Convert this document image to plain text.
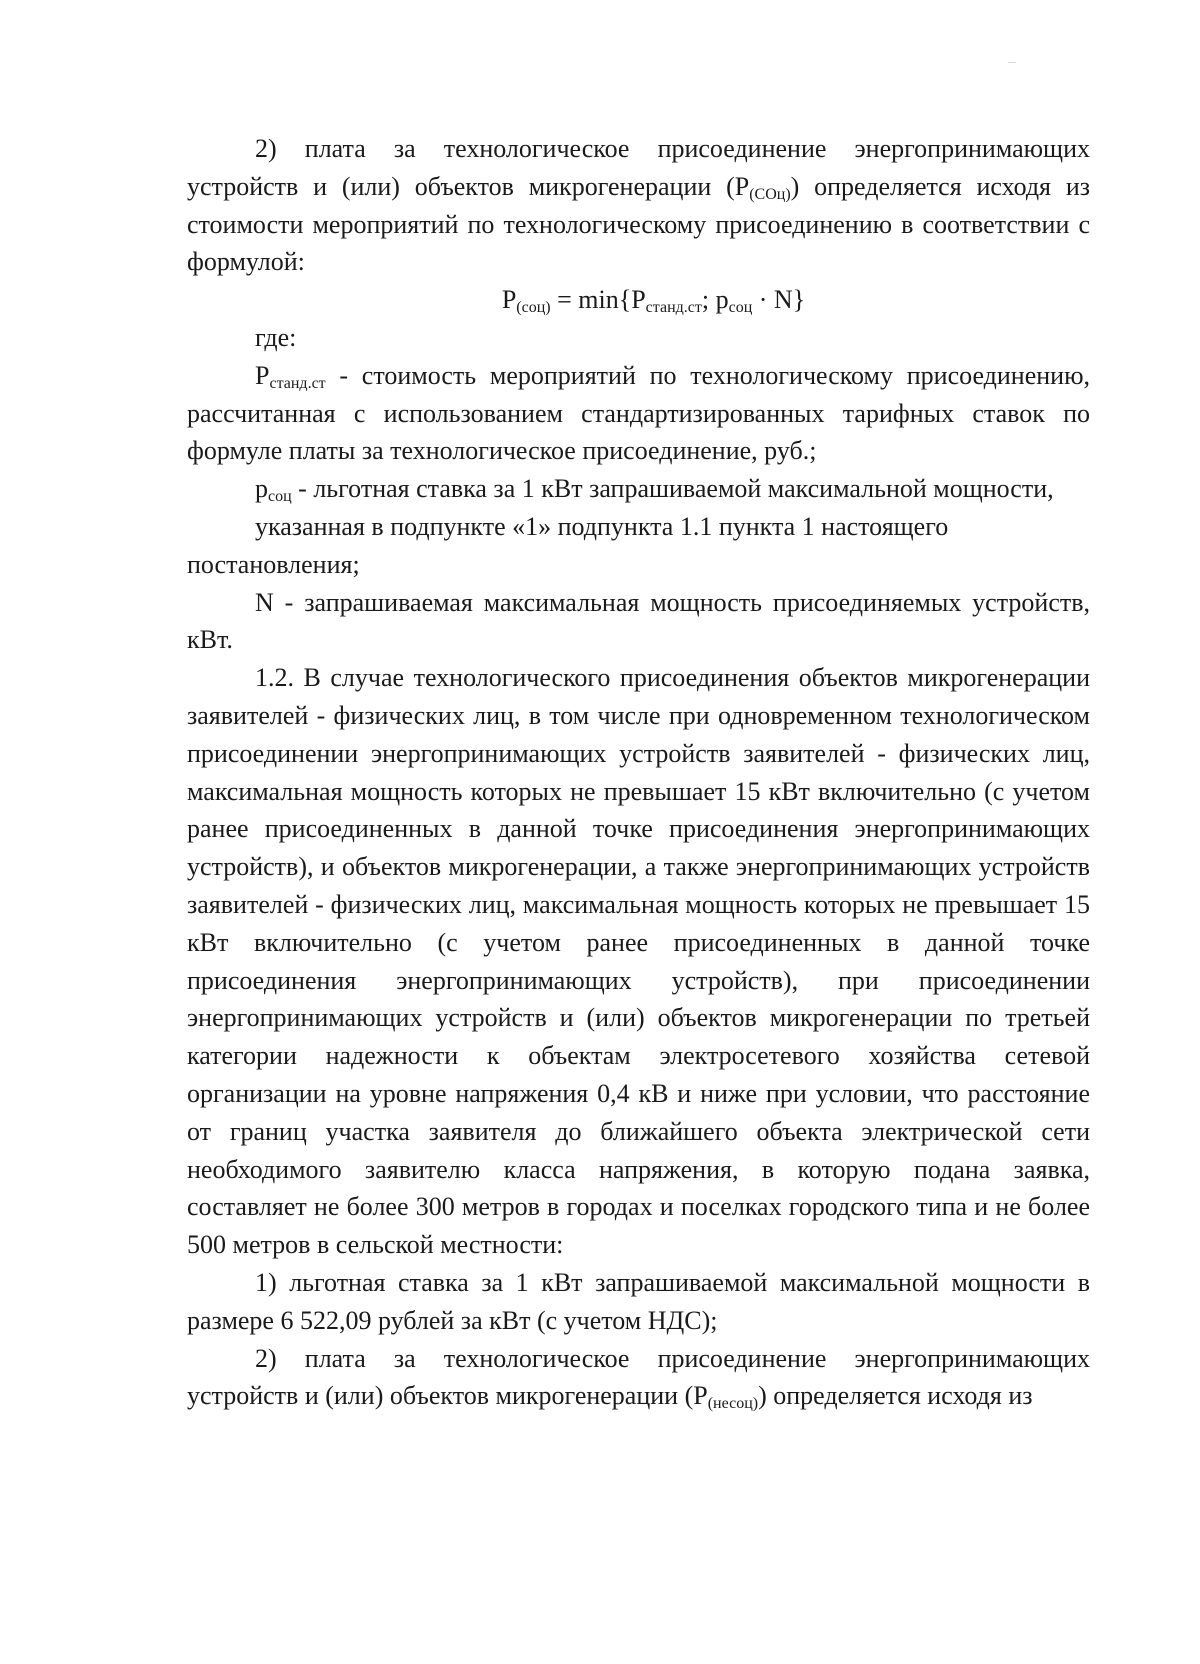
2) плата за технологическое присоединение энергопринимающих устройств и (или) объектов микрогенерации $(P_{(СОц)})$ определяется исходя из стоимости мероприятий по технологическому присоединению в соответствии с формулой:

$P_{(соц)} = \min\{P_{станд.ст}$; $p_{соц} \cdot N$}

где:

$P_{станд.ст}$ - стоимость мероприятий по технологическому присоединению, рассчитанная с использованием стандартизированных тарифных ставок по формуле платы за технологическое присоединение, руб.;

$p_{соц}$ - льготная ставка за 1 кВт запрашиваемой максимальной мощности,

указанная в подпункте «1» подпункта 1.1 пункта 1 настоящего

постановления;

N - запрашиваемая максимальная мощность присоединяемых устройств, кВт.

1.2. В случае технологического присоединения объектов микрогенерации заявителей - физических лиц, в том числе при одновременном технологическом присоединении энергопринимающих устройств заявителей - физических лиц, максимальная мощность которых не превышает 15 кВт включительно (с учетом ранее присоединенных в данной точке присоединения энергопринимающих устройств), и объектов микрогенерации, а также энергопринимающих устройств заявителей - физических лиц, максимальная мощность которых не превышает 15 кВт включительно (с учетом ранее присоединенных в данной точке присоединения энергопринимающих устройств), при присоединении энергопринимающих устройств и (или) объектов микрогенерации по третьей категории надежности к объектам электросетевого хозяйства сетевой организации на уровне напряжения 0,4 кВ и ниже при условии, что расстояние от границ участка заявителя до ближайшего объекта электрической сети необходимого заявителю класса напряжения, в которую подана заявка, составляет не более 300 метров в городах и поселках городского типа и не более 500 метров в сельской местности:

1) льготная ставка за 1 кВт запрашиваемой максимальной мощности в размере 6 522,09 рублей за кВт (с учетом НДС);

2) плата за технологическое присоединение энергопринимающих устройств и (или) объектов микрогенерации $(P_{(несоц)})$ определяется исходя из
